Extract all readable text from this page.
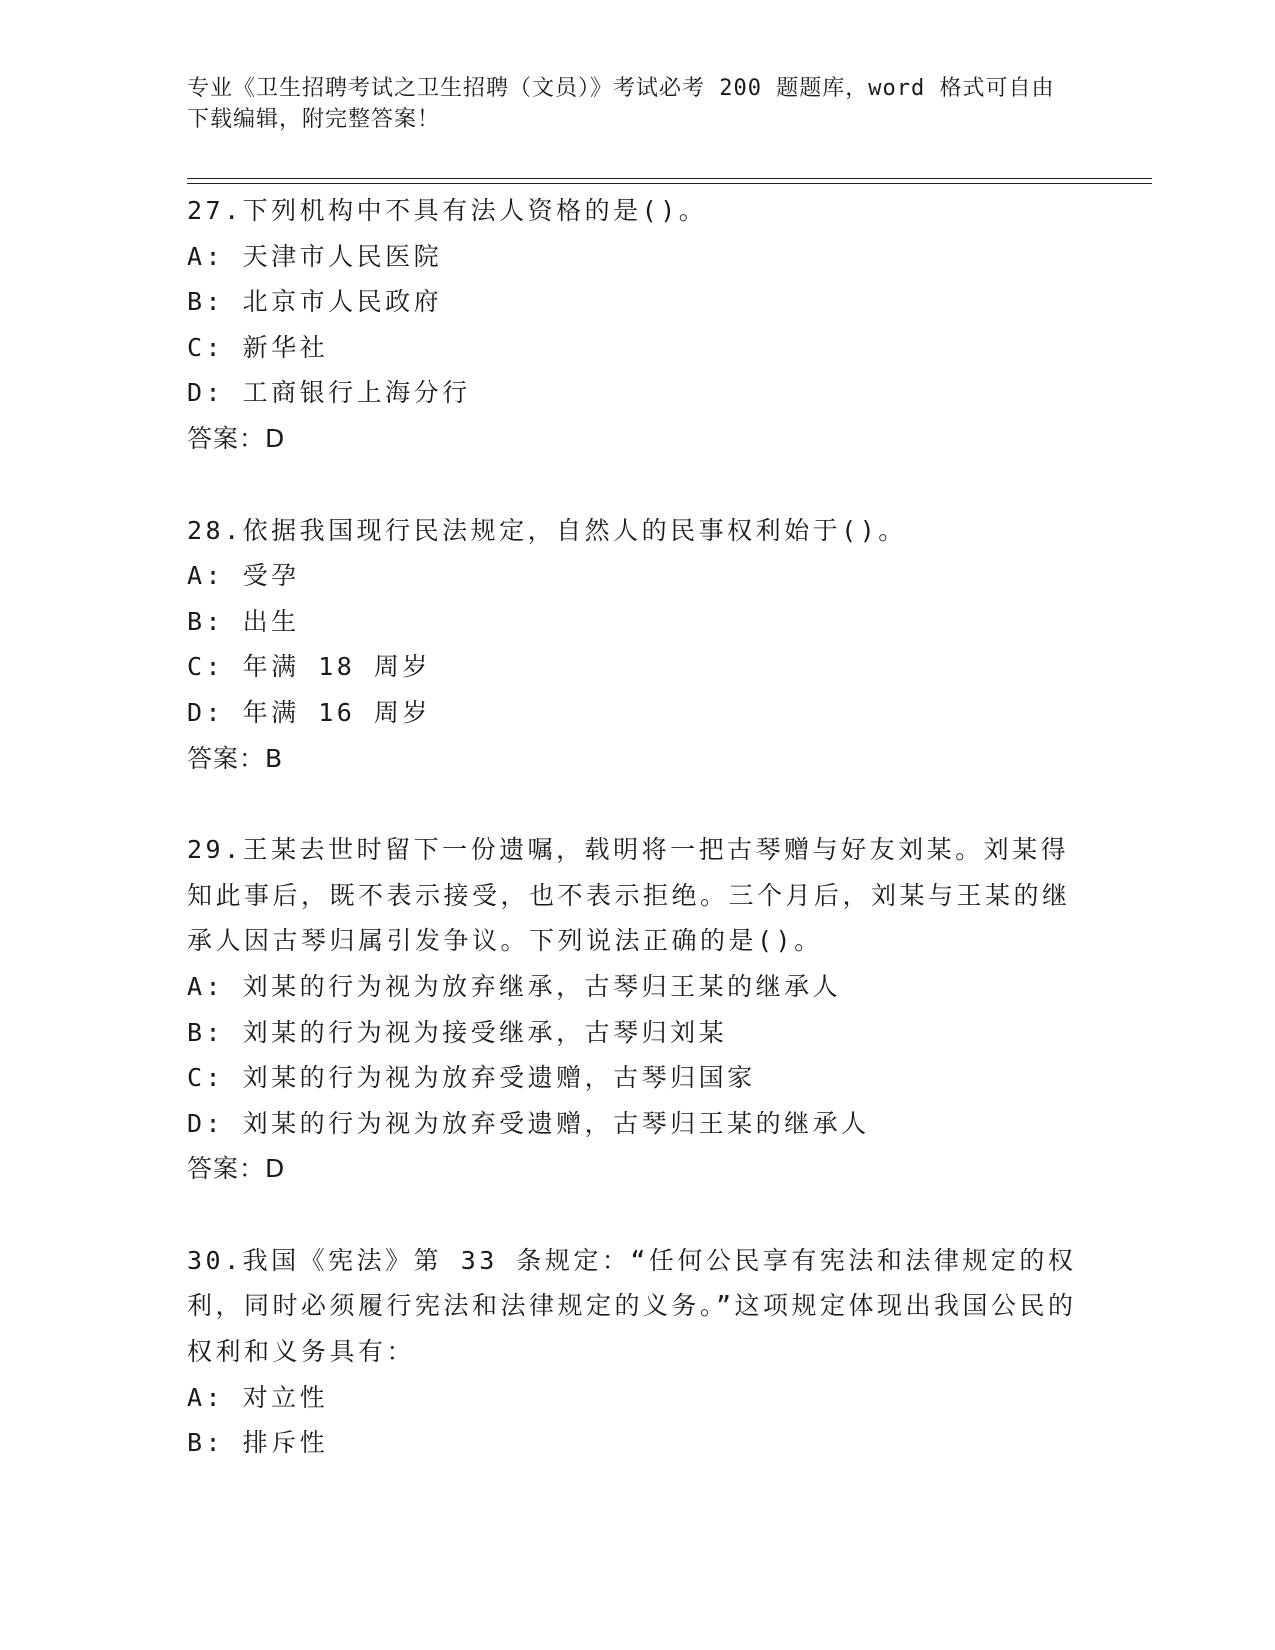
专业《卫生招聘考试之卫生招聘（文员）》考试必考 200 题题库，word 格式可自由下载编辑，附完整答案！

27.下列机构中不具有法人资格的是()。

A: 天津市人民医院

B: 北京市人民政府

C: 新华社

D: 工商银行上海分行

答案：D

28.依据我国现行民法规定，自然人的民事权利始于()。

A: 受孕

B: 出生

C: 年满 18 周岁

D: 年满 16 周岁

答案：B

29.王某去世时留下一份遗嘱，载明将一把古琴赠与好友刘某。刘某得知此事后，既不表示接受，也不表示拒绝。三个月后，刘某与王某的继承人因古琴归属引发争议。下列说法正确的是()。

A: 刘某的行为视为放弃继承，古琴归王某的继承人

B: 刘某的行为视为接受继承，古琴归刘某

C: 刘某的行为视为放弃受遗赠，古琴归国家

D: 刘某的行为视为放弃受遗赠，古琴归王某的继承人

答案：D

30.我国《宪法》第 33 条规定：“任何公民享有宪法和法律规定的权利，同时必须履行宪法和法律规定的义务。”这项规定体现出我国公民的权利和义务具有：

A: 对立性

B: 排斥性
